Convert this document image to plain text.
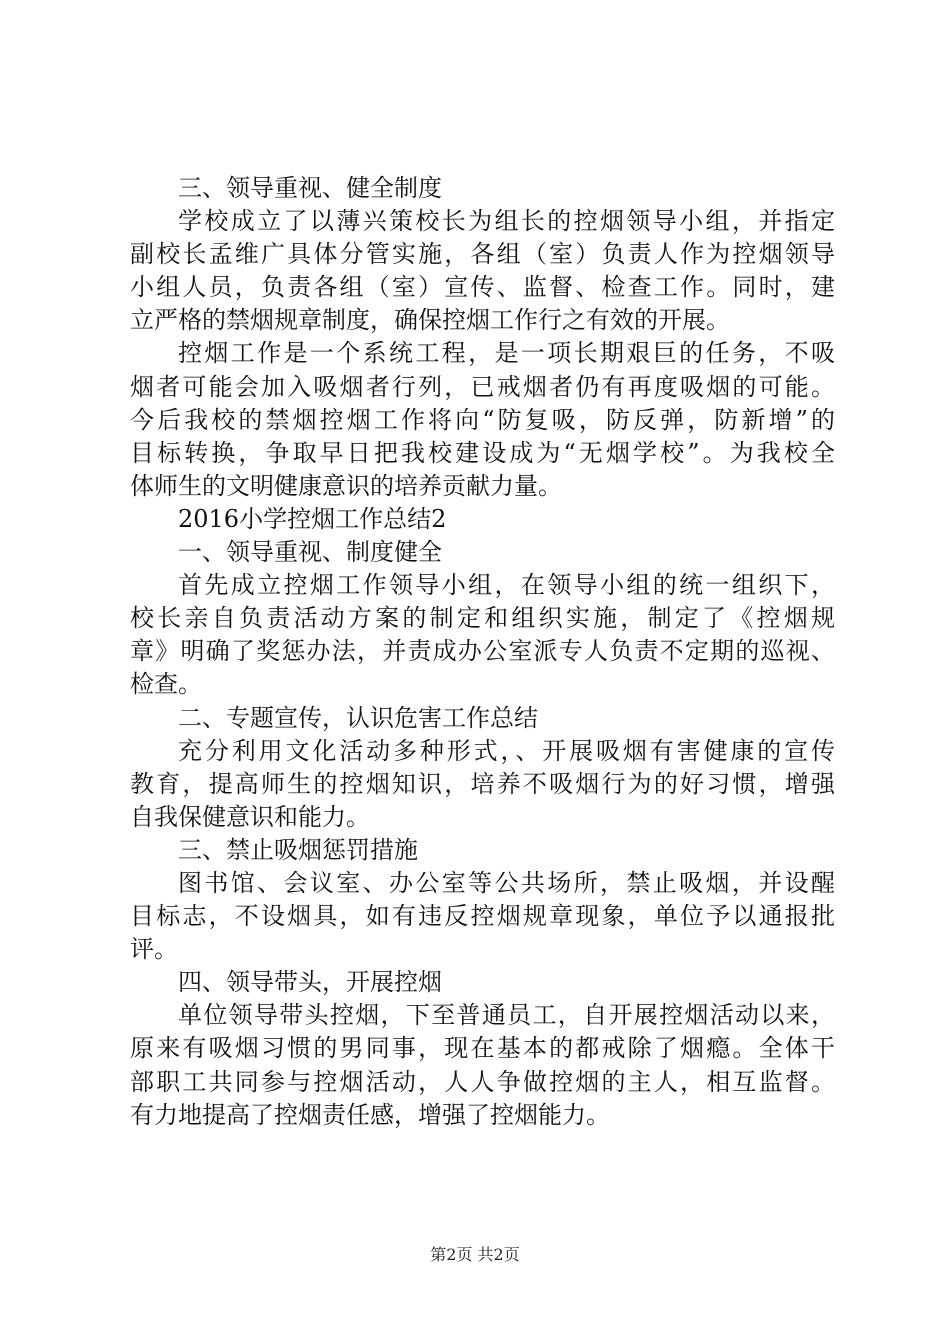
三、领导重视、健全制度
学校成立了以薄兴策校长为组长的控烟领导小组，并指定
副校长孟维广具体分管实施，各组（室）负责人作为控烟领导
小组人员，负责各组（室）宣传、监督、检查工作。同时，建
立严格的禁烟规章制度，确保控烟工作行之有效的开展。
控烟工作是一个系统工程，是一项长期艰巨的任务，不吸
烟者可能会加入吸烟者行列，已戒烟者仍有再度吸烟的可能。
今后我校的禁烟控烟工作将向“防复吸，防反弹，防新增”的
目标转换，争取早日把我校建设成为“无烟学校”。为我校全
体师生的文明健康意识的培养贡献力量。
2016小学控烟工作总结2
一、领导重视、制度健全
首先成立控烟工作领导小组，在领导小组的统一组织下，
校长亲自负责活动方案的制定和组织实施，制定了《控烟规
章》明确了奖惩办法，并责成办公室派专人负责不定期的巡视、
检查。
二、专题宣传，认识危害工作总结
充分利用文化活动多种形式，、开展吸烟有害健康的宣传
教育，提高师生的控烟知识，培养不吸烟行为的好习惯，增强
自我保健意识和能力。
三、禁止吸烟惩罚措施
图书馆、会议室、办公室等公共场所，禁止吸烟，并设醒
目标志，不设烟具，如有违反控烟规章现象，单位予以通报批
评。
四、领导带头，开展控烟
单位领导带头控烟，下至普通员工，自开展控烟活动以来，
原来有吸烟习惯的男同事，现在基本的都戒除了烟瘾。全体干
部职工共同参与控烟活动，人人争做控烟的主人，相互监督。
有力地提高了控烟责任感，增强了控烟能力。
第2页 共2页
